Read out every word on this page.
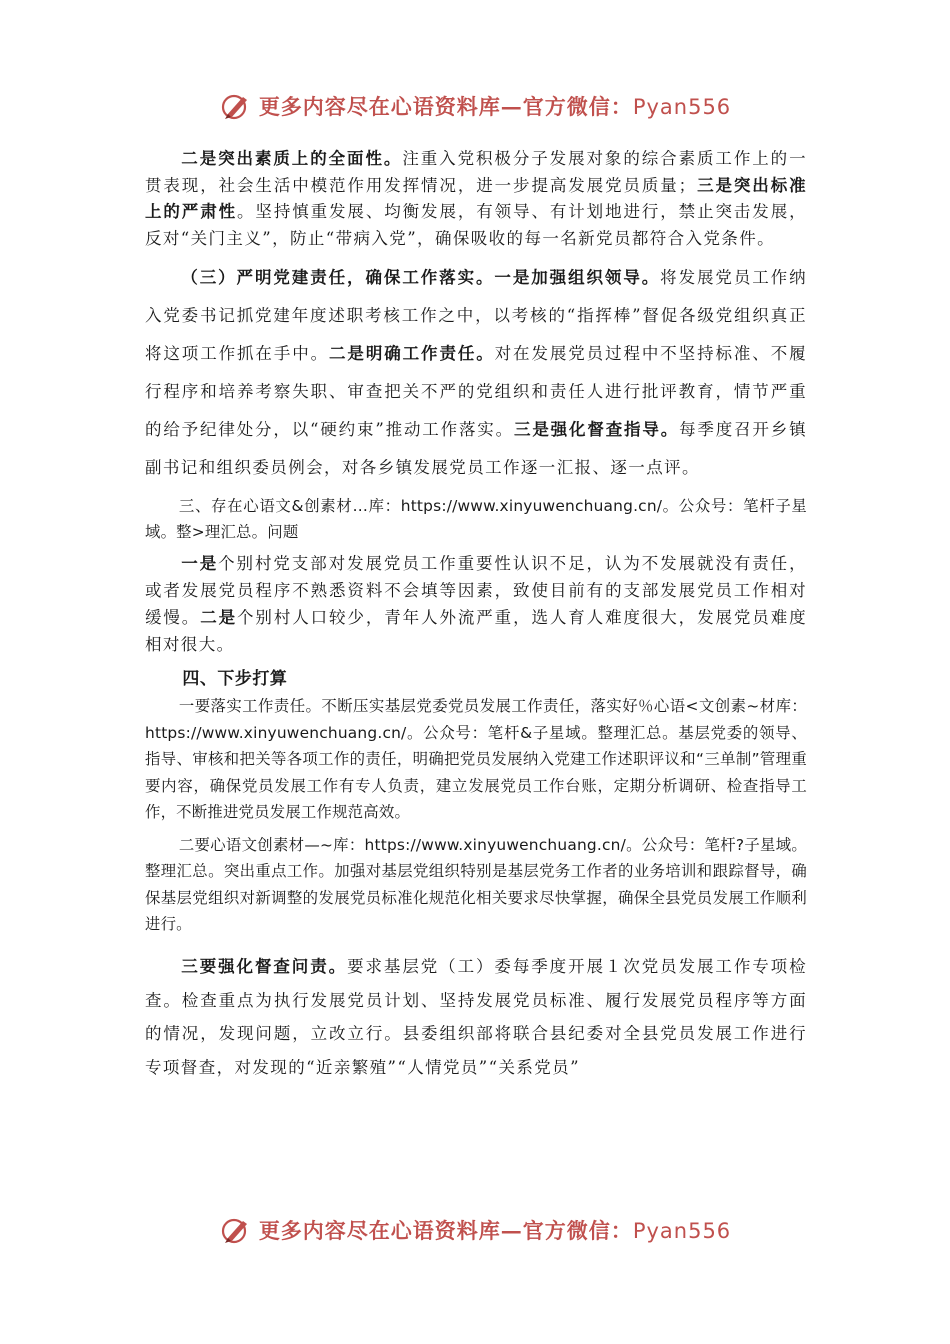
更多内容尽在心语资料库—官方微信：Pyan556

二是突出素质上的全面性。注重入党积极分子发展对象的综合素质工作上的一贯表现，社会生活中模范作用发挥情况，进一步提高发展党员质量；三是突出标准上的严肃性。坚持慎重发展、均衡发展，有领导、有计划地进行，禁止突击发展，反对“关门主义”，防止“带病入党”，确保吸收的每一名新党员都符合入党条件。

（三）严明党建责任，确保工作落实。一是加强组织领导。将发展党员工作纳入党委书记抓党建年度述职考核工作之中，以考核的“指挥棒”督促各级党组织真正将这项工作抓在手中。二是明确工作责任。对在发展党员过程中不坚持标准、不履行程序和培养考察失职、审查把关不严的党组织和责任人进行批评教育，情节严重的给予纪律处分，以“硬约束”推动工作落实。三是强化督查指导。每季度召开乡镇副书记和组织委员例会，对各乡镇发展党员工作逐一汇报、逐一点评。

三、存在心语文&创素材…库：https://www.xinyuwenchuang.cn/。公众号：笔杆子星域。整>理汇总。问题

一是个别村党支部对发展党员工作重要性认识不足，认为不发展就没有责任，或者发展党员程序不熟悉资料不会填等因素，致使目前有的支部发展党员工作相对缓慢。二是个别村人口较少，青年人外流严重，选人育人难度很大，发展党员难度相对很大。

四、下步打算

一要落实工作责任。不断压实基层党委党员发展工作责任，落实好％心语<文创素~材库：https://www.xinyuwenchuang.cn/。公众号：笔杆&子星域。整理汇总。基层党委的领导、指导、审核和把关等各项工作的责任，明确把党员发展纳入党建工作述职评议和“三单制”管理重要内容，确保党员发展工作有专人负责，建立发展党员工作台账，定期分析调研、检查指导工作，不断推进党员发展工作规范高效。

二要心语文创素材—~库：https://www.xinyuwenchuang.cn/。公众号：笔杆?子星域。整理汇总。突出重点工作。加强对基层党组织特别是基层党务工作者的业务培训和跟踪督导，确保基层党组织对新调整的发展党员标准化规范化相关要求尽快掌握，确保全县党员发展工作顺利进行。

三要强化督查问责。要求基层党（工）委每季度开展１次党员发展工作专项检查。检查重点为执行发展党员计划、坚持发展党员标准、履行发展党员程序等方面的情况，发现问题，立改立行。县委组织部将联合县纪委对全县党员发展工作进行专项督查，对发现的“近亲繁殖”“人情党员”“关系党员”

更多内容尽在心语资料库—官方微信：Pyan556
